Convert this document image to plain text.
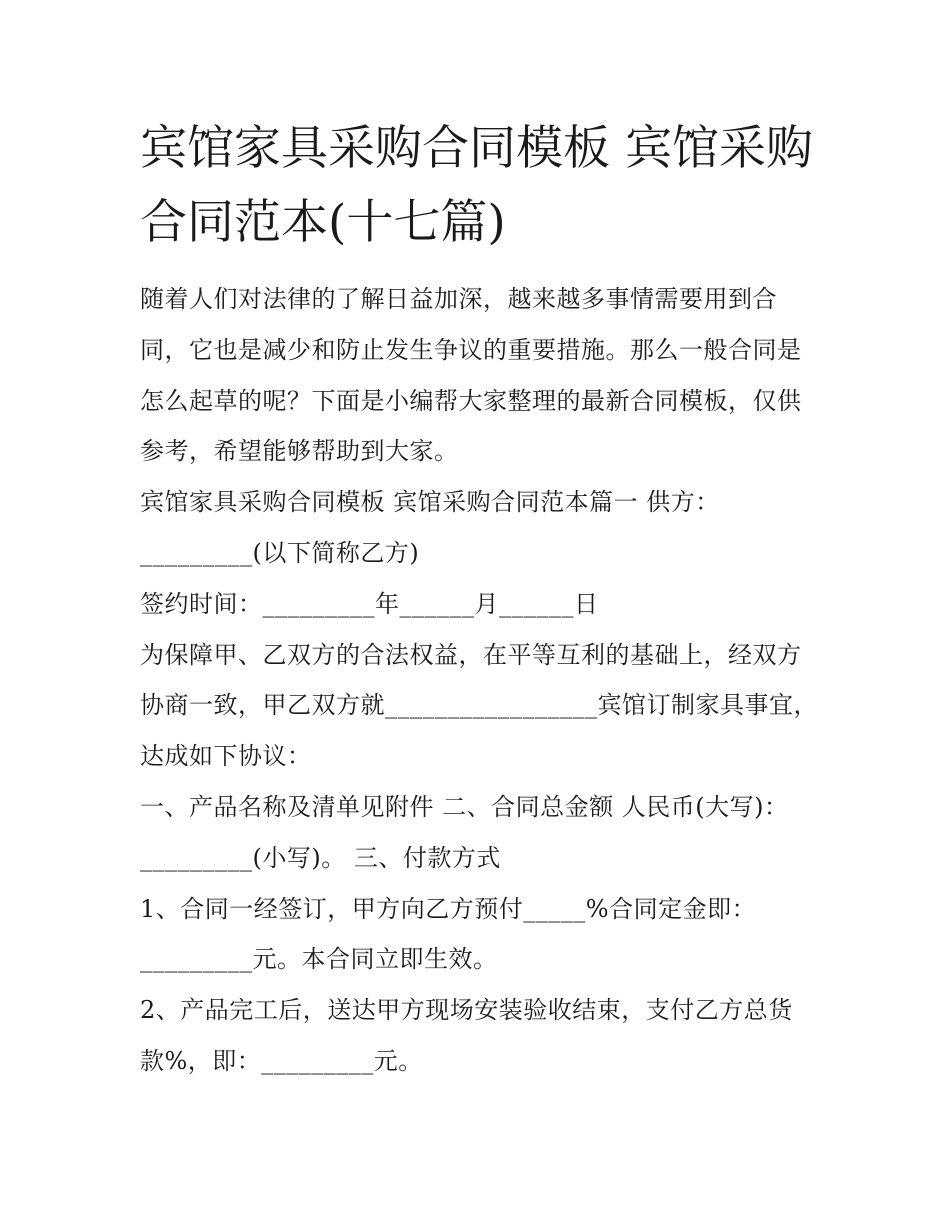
宾馆家具采购合同模板 宾馆采购合同范本(十七篇)

随着人们对法律的了解日益加深，越来越多事情需要用到合同，它也是减少和防止发生争议的重要措施。那么一般合同是怎么起草的呢？下面是小编帮大家整理的最新合同模板，仅供参考，希望能够帮助到大家。

宾馆家具采购合同模板 宾馆采购合同范本篇一 供方：

_________(以下简称乙方)

签约时间：_________年______月______日

为保障甲、乙双方的合法权益，在平等互利的基础上，经双方协商一致，甲乙双方就_________________宾馆订制家具事宜，达成如下协议：

一、产品名称及清单见附件 二、合同总金额 人民币(大写)：_________(小写)。 三、付款方式

1、合同一经签订，甲方向乙方预付_____%合同定金即：_________元。本合同立即生效。

2、产品完工后，送达甲方现场安装验收结束，支付乙方总货款%，即：_________元。
